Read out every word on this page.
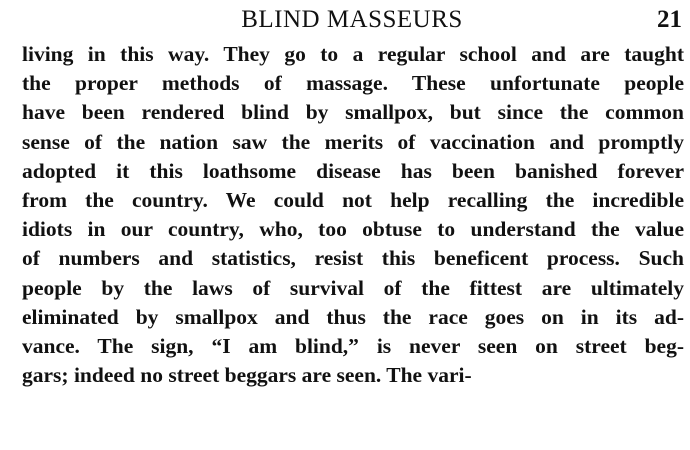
BLIND MASSEURS	21

living in this way. They go to a regular school and are taught
the proper methods of massage. These unfortunate people
have been rendered blind by smallpox, but since the common
sense of the nation saw the merits of vaccination and promptly
adopted it this loathsome disease has been banished forever
from the country. We could not help recalling the incredible
idiots in our country, who, too obtuse to understand the value
of numbers and statistics, resist this beneficent process. Such
people by the laws of survival of the fittest are ultimately
eliminated by smallpox and thus the race goes on in its ad-
vance. The sign, “I am blind,” is never seen on street beg-
gars; indeed no street beggars are seen. The vari-
